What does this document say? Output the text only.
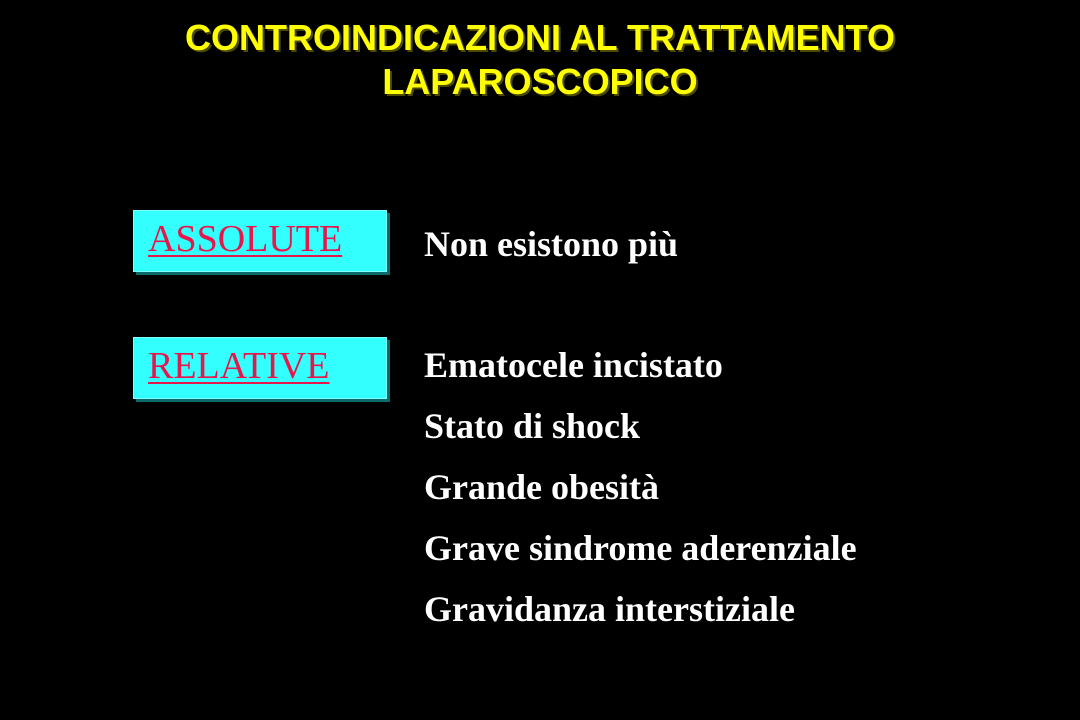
CONTROINDICAZIONI AL TRATTAMENTO
LAPAROSCOPICO
ASSOLUTE Non esistono più
RELATIVE	Ematocele incistato
Stato di shock
Grande obesità
Grave sindrome aderenziale
Gravidanza interstiziale
